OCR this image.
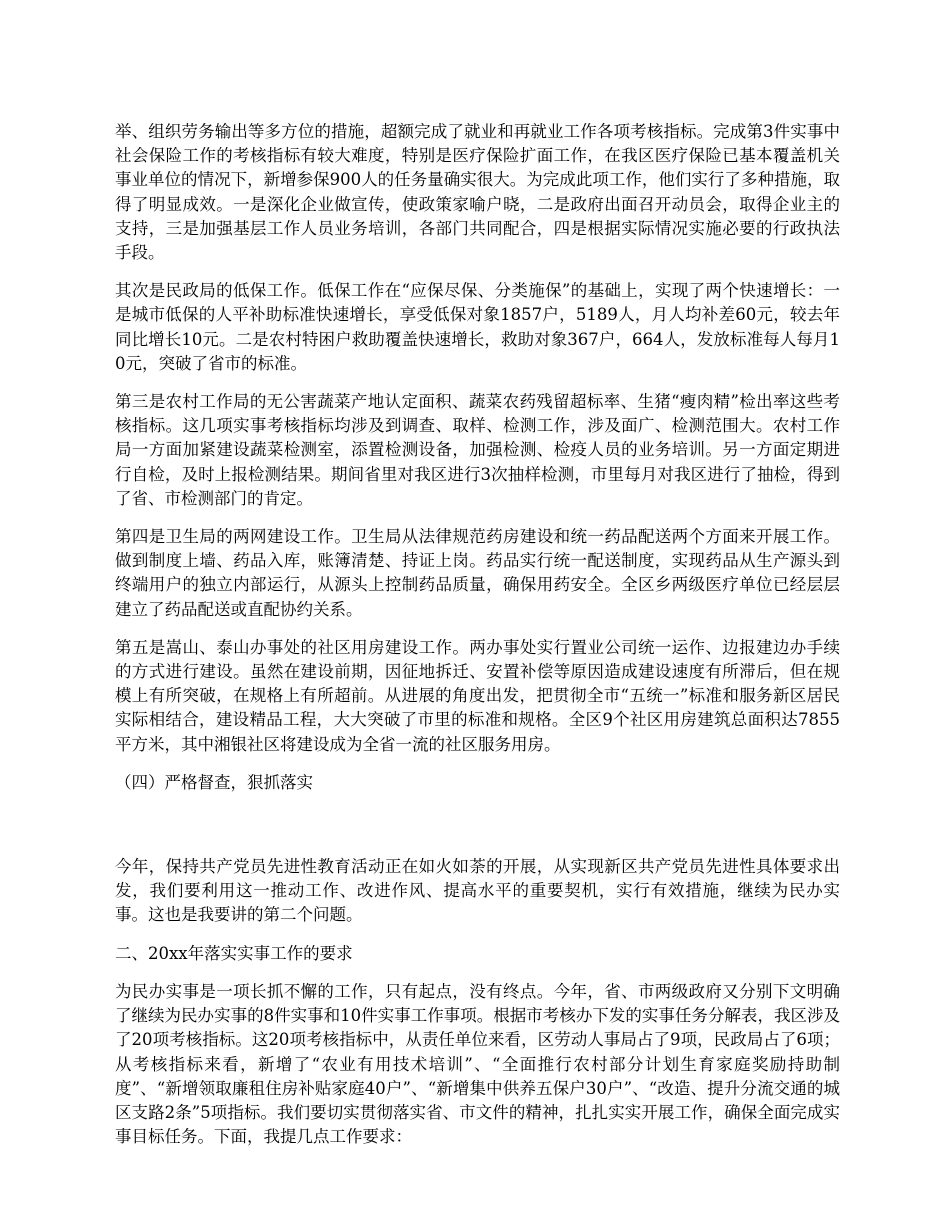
举、组织劳务输出等多方位的措施，超额完成了就业和再就业工作各项考核指标。完成第3件实事中社会保险工作的考核指标有较大难度，特别是医疗保险扩面工作，在我区医疗保险已基本覆盖机关事业单位的情况下，新增参保900人的任务量确实很大。为完成此项工作，他们实行了多种措施，取得了明显成效。一是深化企业做宣传，使政策家喻户晓，二是政府出面召开动员会，取得企业主的支持，三是加强基层工作人员业务培训，各部门共同配合，四是根据实际情况实施必要的行政执法手段。

其次是民政局的低保工作。低保工作在“应保尽保、分类施保”的基础上，实现了两个快速增长：一是城市低保的人平补助标准快速增长，享受低保对象1857户，5189人，月人均补差60元，较去年同比增长10元。二是农村特困户救助覆盖快速增长，救助对象367户，664人，发放标准每人每月10元，突破了省市的标准。

第三是农村工作局的无公害蔬菜产地认定面积、蔬菜农药残留超标率、生猪“瘦肉精”检出率这些考核指标。这几项实事考核指标均涉及到调查、取样、检测工作，涉及面广、检测范围大。农村工作局一方面加紧建设蔬菜检测室，添置检测设备，加强检测、检疫人员的业务培训。另一方面定期进行自检，及时上报检测结果。期间省里对我区进行3次抽样检测，市里每月对我区进行了抽检，得到了省、市检测部门的肯定。

第四是卫生局的两网建设工作。卫生局从法律规范药房建设和统一药品配送两个方面来开展工作。做到制度上墙、药品入库，账簿清楚、持证上岗。药品实行统一配送制度，实现药品从生产源头到终端用户的独立内部运行，从源头上控制药品质量，确保用药安全。全区乡两级医疗单位已经层层建立了药品配送或直配协约关系。

第五是嵩山、泰山办事处的社区用房建设工作。两办事处实行置业公司统一运作、边报建边办手续的方式进行建设。虽然在建设前期，因征地拆迁、安置补偿等原因造成建设速度有所滞后，但在规模上有所突破，在规格上有所超前。从进展的角度出发，把贯彻全市“五统一”标准和服务新区居民实际相结合，建设精品工程，大大突破了市里的标准和规格。全区9个社区用房建筑总面积达7855平方米，其中湘银社区将建设成为全省一流的社区服务用房。

（四）严格督查，狠抓落实

今年，保持共产党员先进性教育活动正在如火如荼的开展，从实现新区共产党员先进性具体要求出发，我们要利用这一推动工作、改进作风、提高水平的重要契机，实行有效措施，继续为民办实事。这也是我要讲的第二个问题。

二、20xx年落实实事工作的要求

为民办实事是一项长抓不懈的工作，只有起点，没有终点。今年，省、市两级政府又分别下文明确了继续为民办实事的8件实事和10件实事工作事项。根据市考核办下发的实事任务分解表，我区涉及了20项考核指标。这20项考核指标中，从责任单位来看，区劳动人事局占了9项，民政局占了6项；从考核指标来看，新增了“农业有用技术培训”、“全面推行农村部分计划生育家庭奖励持助制度”、“新增领取廉租住房补贴家庭40户”、“新增集中供养五保户30户”、“改造、提升分流交通的城区支路2条”5项指标。我们要切实贯彻落实省、市文件的精神，扎扎实实开展工作，确保全面完成实事目标任务。下面，我提几点工作要求：
